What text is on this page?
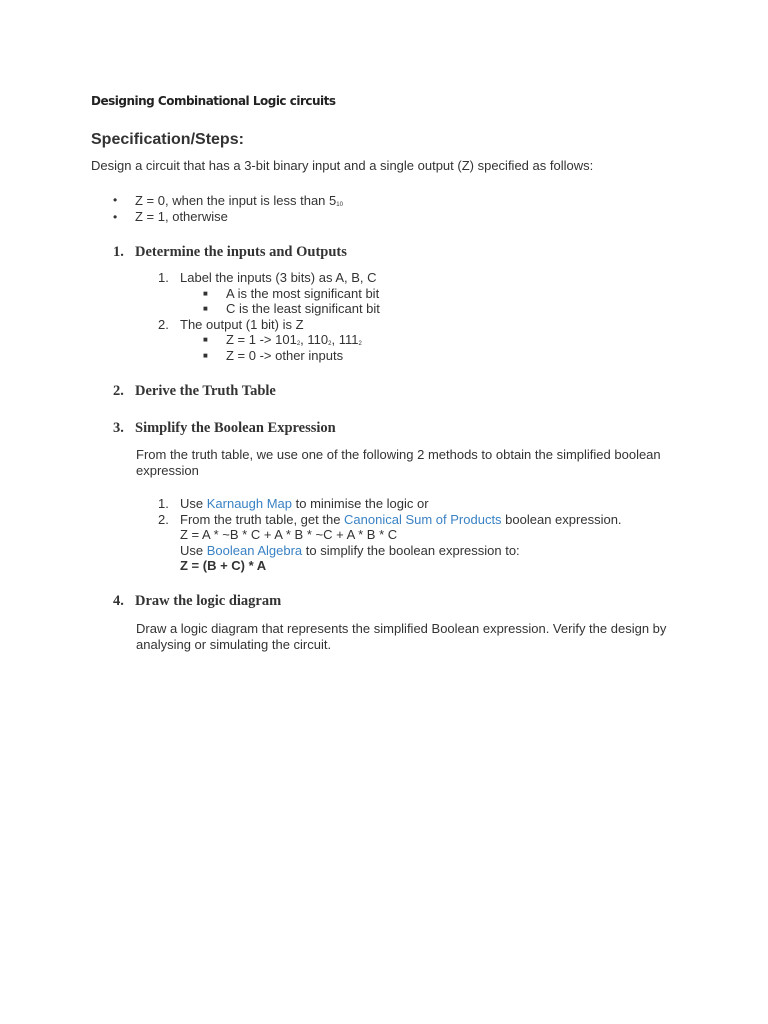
Designing Combinational Logic circuits
Specification/Steps:
Design a circuit that has a 3-bit binary input and a single output (Z) specified as follows:
•	Z = 0, when the input is less than $5_{10}$
•	Z = 1, otherwise
1. Determine the inputs and Outputs
1. Label the inputs (3 bits) as A, B, C
■	A is the most significant bit
■	C is the least significant bit
2. The output (1 bit) is Z
■	$Z = 1 -> 101_2$, $110_2$, $111_2$
■	Z = 0 -> other inputs
2. Derive the Truth Table
3. Simplify the Boolean Expression
From the truth table, we use one of the following 2 methods to obtain the simplified boolean expression
1. Use Karnaugh Map to minimise the logic or
2. From the truth table, get the Canonical Sum of Products boolean expression.
Z = A * ~B * C + A * B * ~C + A * B * C
Use Boolean Algebra to simplify the boolean expression to:
Z = (B + C) * A
4. Draw the logic diagram
Draw a logic diagram that represents the simplified Boolean expression. Verify the design by analysing or simulating the circuit.
